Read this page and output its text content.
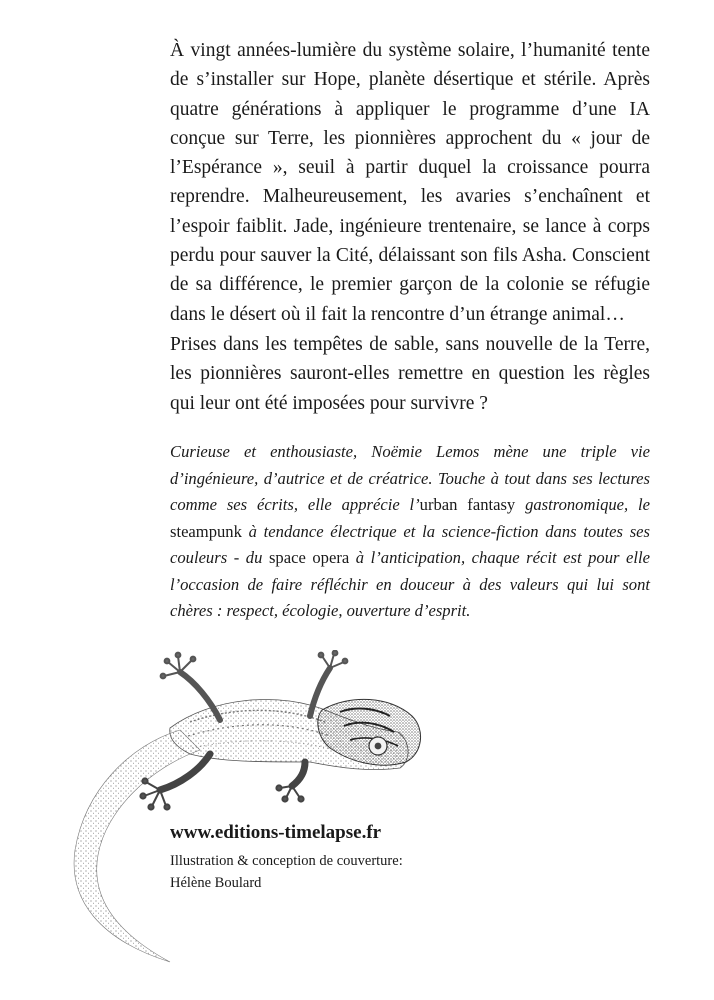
À vingt années-lumière du système solaire, l’humanité tente de s’installer sur Hope, planète désertique et stérile. Après quatre générations à appliquer le programme d’une IA conçue sur Terre, les pionnières approchent du « jour de l’Espérance », seuil à partir duquel la croissance pourra reprendre. Malheureusement, les avaries s’enchaînent et l’espoir faiblit. Jade, ingénieure trentenaire, se lance à corps perdu pour sauver la Cité, délaissant son fils Asha. Conscient de sa différence, le premier garçon de la colonie se réfugie dans le désert où il fait la rencontre d’un étrange animal…

Prises dans les tempêtes de sable, sans nouvelle de la Terre, les pionnières sauront-elles remettre en question les règles qui leur ont été imposées pour survivre ?

Curieuse et enthousiaste, Noëmie Lemos mène une triple vie d’ingénieure, d’autrice et de créatrice. Touche à tout dans ses lectures comme ses écrits, elle apprécie l’urban fantasy gastronomique, le steampunk à tendance électrique et la science-fiction dans toutes ses couleurs - du space opera à l’anticipation, chaque récit est pour elle l’occasion de faire réfléchir en douceur à des valeurs qui lui sont chères : respect, écologie, ouverture d’esprit.

www.editions-timelapse.fr

Illustration & conception de couverture:

Hélène Boulard
